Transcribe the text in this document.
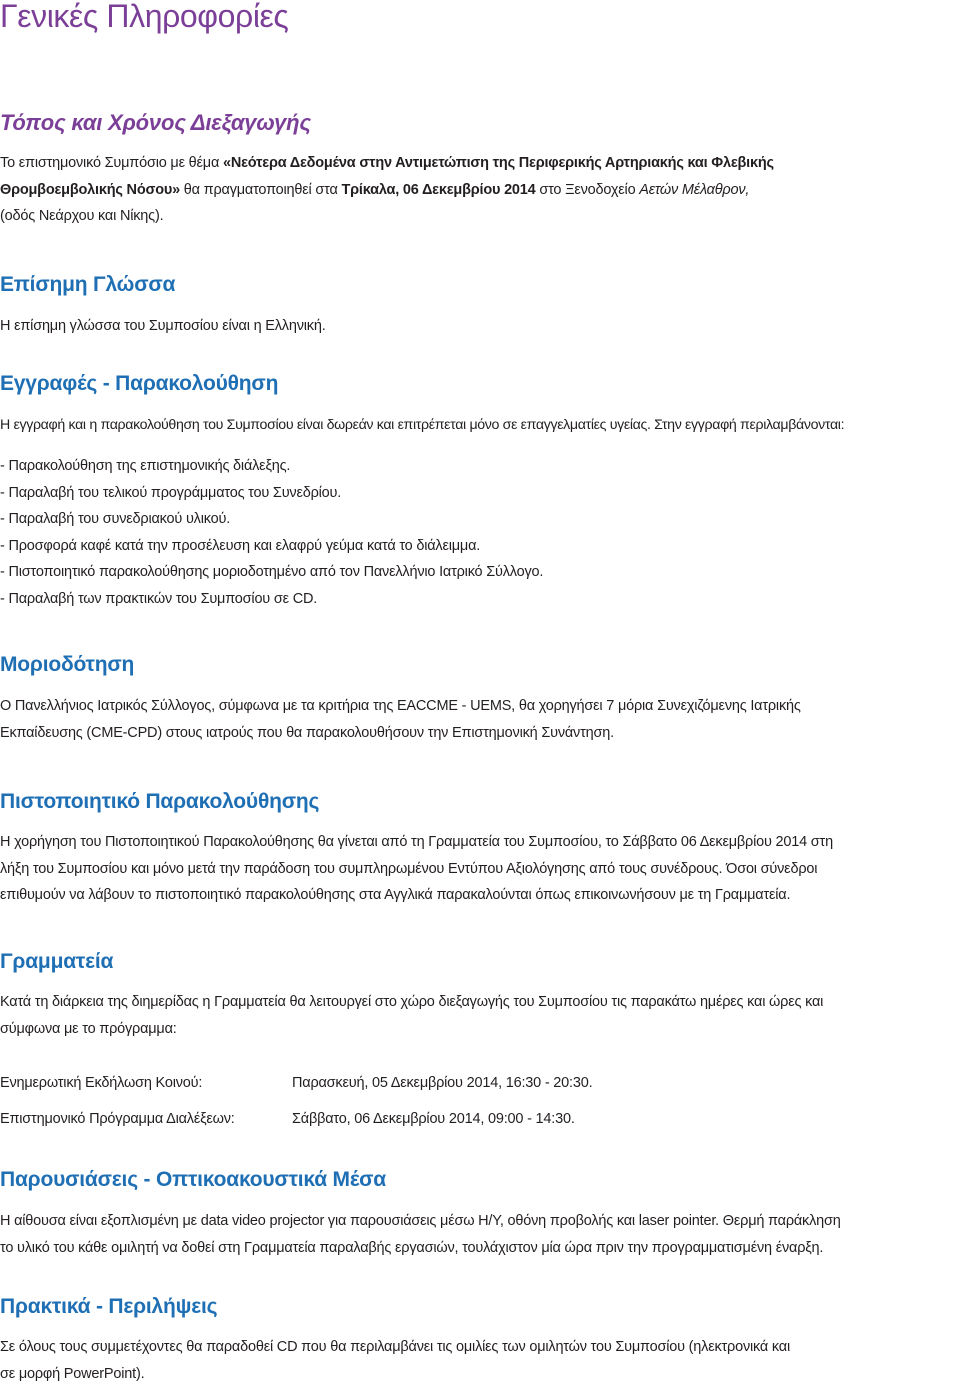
Γενικές Πληροφορίες
Τόπος και Χρόνος Διεξαγωγής
Το επιστημονικό Συμπόσιο με θέμα «Νεότερα Δεδομένα στην Αντιμετώπιση της Περιφερικής Αρτηριακής και Φλεβικής
Θρομβοεμβολικής Νόσου» θα πραγματοποιηθεί στα Τρίκαλα, 06 Δεκεμβρίου 2014 στο Ξενοδοχείο Αετών Μέλαθρον,
(οδός Νεάρχου και Νίκης).
Επίσημη Γλώσσα
Η επίσημη γλώσσα του Συμποσίου είναι η Ελληνική.
Εγγραφές - Παρακολούθηση
Η εγγραφή και η παρακολούθηση του Συμποσίου είναι δωρεάν και επιτρέπεται μόνο σε επαγγελματίες υγείας. Στην εγγραφή περιλαμβάνονται:
- Παρακολούθηση της επιστημονικής διάλεξης.
- Παραλαβή του τελικού προγράμματος του Συνεδρίου.
- Παραλαβή του συνεδριακού υλικού.
- Προσφορά καφέ κατά την προσέλευση και ελαφρύ γεύμα κατά το διάλειμμα.
- Πιστοποιητικό παρακολούθησης μοριοδοτημένο από τον Πανελλήνιο Ιατρικό Σύλλογο.
- Παραλαβή των πρακτικών του Συμποσίου σε CD.
Μοριοδότηση
Ο Πανελλήνιος Ιατρικός Σύλλογος, σύμφωνα με τα κριτήρια της EACCME - UEMS, θα χορηγήσει 7 μόρια Συνεχιζόμενης Ιατρικής
Εκπαίδευσης (CME-CPD) στους ιατρούς που θα παρακολουθήσουν την Επιστημονική Συνάντηση.
Πιστοποιητικό Παρακολούθησης
Η χορήγηση του Πιστοποιητικού Παρακολούθησης θα γίνεται από τη Γραμματεία του Συμποσίου, το Σάββατο 06 Δεκεμβρίου 2014 στη
λήξη του Συμποσίου και μόνο μετά την παράδοση του συμπληρωμένου Εντύπου Αξιολόγησης από τους συνέδρους. Όσοι σύνεδροι
επιθυμούν να λάβουν το πιστοποιητικό παρακολούθησης στα Αγγλικά παρακαλούνται όπως επικοινωνήσουν με τη Γραμματεία.
Γραμματεία
Κατά τη διάρκεια της διημερίδας η Γραμματεία θα λειτουργεί στο χώρο διεξαγωγής του Συμποσίου τις παρακάτω ημέρες και ώρες και
σύμφωνα με το πρόγραμμα:
Ενημερωτική Εκδήλωση Κοινού:	Παρασκευή, 05 Δεκεμβρίου 2014, 16:30 - 20:30.
Επιστημονικό Πρόγραμμα Διαλέξεων:	Σάββατο, 06 Δεκεμβρίου 2014, 09:00 - 14:30.
Παρουσιάσεις - Οπτικοακουστικά Μέσα
Η αίθουσα είναι εξοπλισμένη με data video projector για παρουσιάσεις μέσω Η/Υ, οθόνη προβολής και laser pointer. Θερμή παράκληση
το υλικό του κάθε ομιλητή να δοθεί στη Γραμματεία παραλαβής εργασιών, τουλάχιστον μία ώρα πριν την προγραμματισμένη έναρξη.
Πρακτικά - Περιλήψεις
Σε όλους τους συμμετέχοντες θα παραδοθεί CD που θα περιλαμβάνει τις ομιλίες των ομιλητών του Συμποσίου (ηλεκτρονικά και
σε μορφή PowerPoint).
